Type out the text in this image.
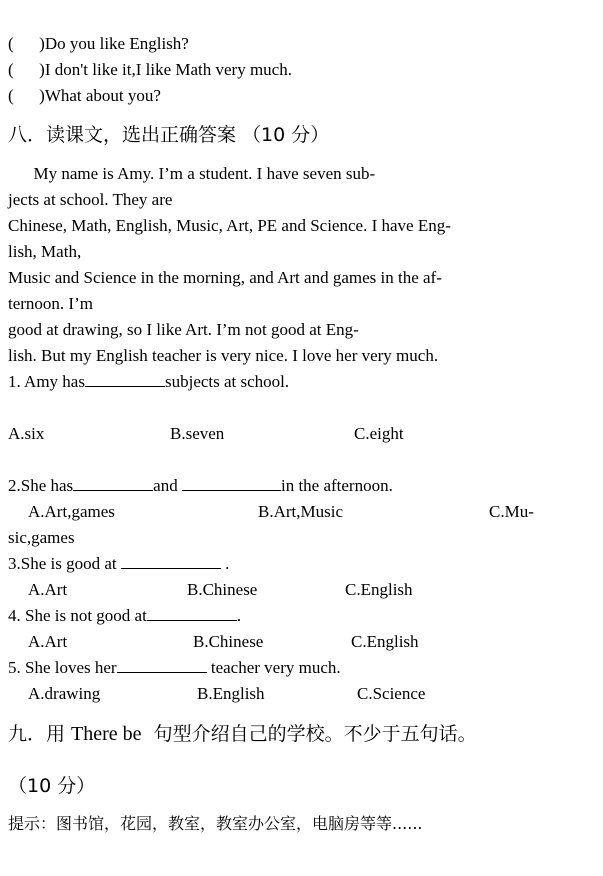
(      )Do you like English?
(      )I don't like it,I like Math very much.
(      )What about you?
八．读课文，选出正确答案 （10 分）
My name is Amy. I’m a student. I have seven sub-
jects at school. They are
Chinese, Math, English, Music, Art, PE and Science. I have Eng-
lish, Math,
Music and Science in the morning, and Art and games in the af-
ternoon. I’m
good at drawing, so I like Art. I’m not good at Eng-
lish. But my English teacher is very nice. I love her very much.
1. Amy has	subjects at school.
A.six	B.seven	C.eight
2.She has	and	in the afternoon.
A.Art,games	B.Art,Music	C.Mu-
sic,games
3.She is good at	.
A.Art	B.Chinese	C.English
4. She is not good at	.
A.Art	B.Chinese	C.English
5. She loves her	teacher very much.
A.drawing	B.English	C.Science
九．用 There be  句型介绍自己的学校。不少于五句话。
（10 分）
提示：图书馆，花园，教室，教室办公室，电脑房等等......
